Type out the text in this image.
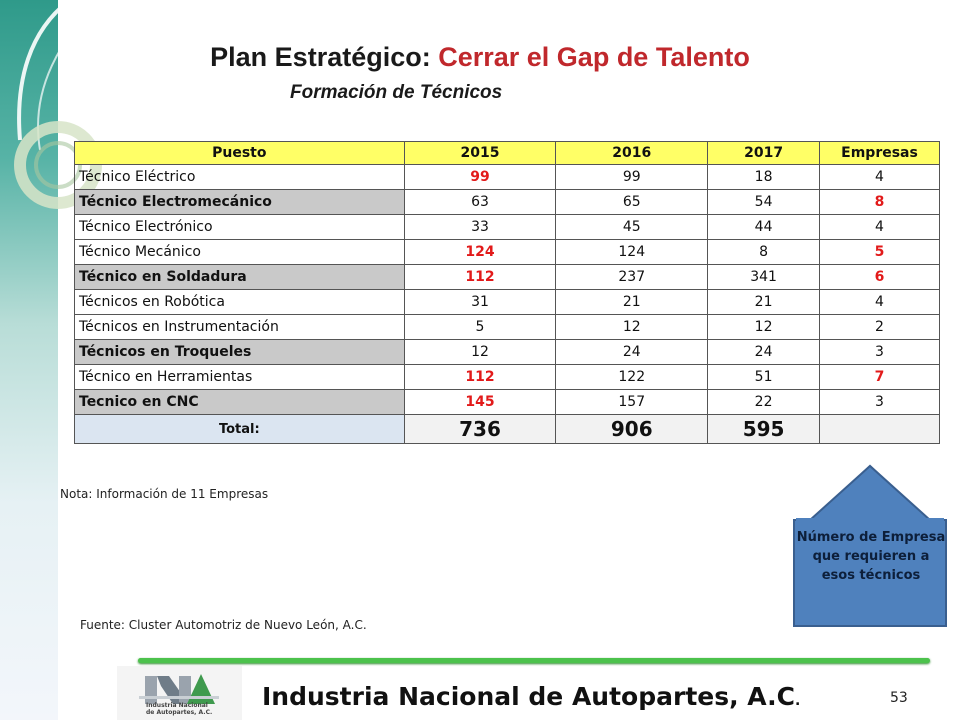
Plan Estratégico: Cerrar el Gap de Talento
Formación de Técnicos
Puesto	2015	2016	2017	Empresas
Técnico Eléctrico	99	99	18	4
Técnico Electromecánico	63	65	54	8
Técnico Electrónico	33	45	44	4
Técnico Mecánico	124	124	8	5
Técnico en Soldadura	112	237	341	6
Técnicos en Robótica	31	21	21	4
Técnicos en Instrumentación	5	12	12	2
Técnicos en Troqueles	12	24	24	3
Técnico en Herramientas	112	122	51	7
Tecnico en CNC	145	157	22	3
Total:	736	906	595	
Nota: Información de 11 Empresas
Fuente: Cluster Automotriz de Nuevo León, A.C.
Número de Empresa que requieren a esos técnicos
Industria Nacional
de Autopartes, A.C.
Industria Nacional de Autopartes, A.C.	53
